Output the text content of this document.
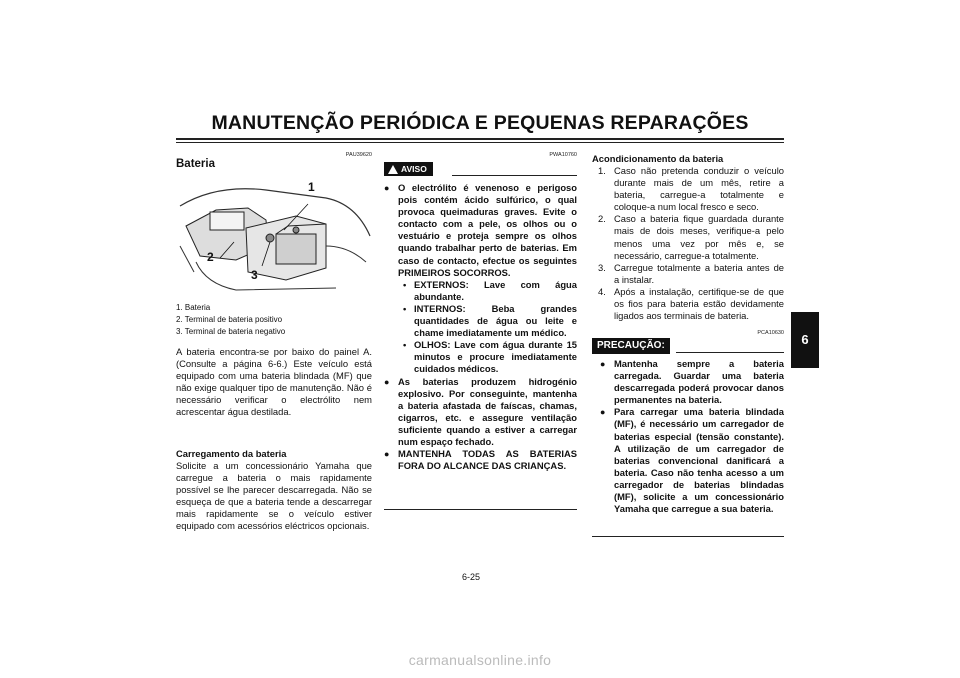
MANUTENÇÃO PERIÓDICA E PEQUENAS REPARAÇÕES
6
PAU39620
Bateria
1
2
3
1. Bateria
2. Terminal de bateria positivo
3. Terminal de bateria negativo
A bateria encontra-se por baixo do painel A. (Consulte a página 6-6.) Este veículo está equipado com uma bateria blindada (MF) que não exige qualquer tipo de manutenção. Não é necessário verificar o electrólito nem acrescentar água destilada.
Carregamento da bateria
Solicite a um concessionário Yamaha que carregue a bateria o mais rapidamente possível se lhe parecer descarregada. Não se esqueça de que a bateria tende a descarregar mais rapidamente se o veículo estiver equipado com acessórios eléctricos opcionais.
PWA10760
AVISO
● O electrólito é venenoso e perigoso pois contém ácido sulfúrico, o qual provoca queimaduras graves. Evite o contacto com a pele, os olhos ou o vestuário e proteja sempre os olhos quando trabalhar perto de baterias. Em caso de contacto, efectue os seguintes PRIMEIROS SOCORROS.
• EXTERNOS: Lave com água abundante.
• INTERNOS: Beba grandes quantidades de água ou leite e chame imediatamente um médico.
• OLHOS: Lave com água durante 15 minutos e procure imediatamente cuidados médicos.
● As baterias produzem hidrogénio explosivo. Por conseguinte, mantenha a bateria afastada de faíscas, chamas, cigarros, etc. e assegure ventilação suficiente quando a estiver a carregar num espaço fechado.
● MANTENHA TODAS AS BATERIAS FORA DO ALCANCE DAS CRIANÇAS.
Acondicionamento da bateria
1. Caso não pretenda conduzir o veículo durante mais de um mês, retire a bateria, carregue-a totalmente e coloque-a num local fresco e seco.
2. Caso a bateria fique guardada durante mais de dois meses, verifique-a pelo menos uma vez por mês e, se necessário, carregue-a totalmente.
3. Carregue totalmente a bateria antes de a instalar.
4. Após a instalação, certifique-se de que os fios para bateria estão devidamente ligados aos terminais de bateria.
PCA10630
PRECAUÇÃO:
● Mantenha sempre a bateria carregada. Guardar uma bateria descarregada poderá provocar danos permanentes na bateria.
● Para carregar uma bateria blindada (MF), é necessário um carregador de baterias especial (tensão constante). A utilização de um carregador de baterias convencional danificará a bateria. Caso não tenha acesso a um carregador de baterias blindadas (MF), solicite a um concessionário Yamaha que carregue a sua bateria.
6-25
carmanualsonline.info
